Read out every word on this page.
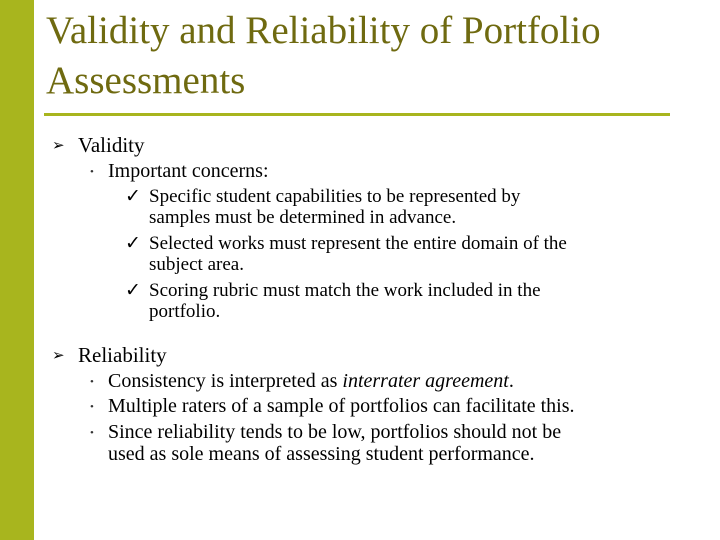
Validity and Reliability of Portfolio
Assessments
➢ Validity
• Important concerns:
✓ Specific student capabilities to be represented by
samples must be determined in advance.
✓ Selected works must represent the entire domain of the
subject area.
✓ Scoring rubric must match the work included in the
portfolio.
➢ Reliability
• Consistency is interpreted as interrater agreement.
• Multiple raters of a sample of portfolios can facilitate this.
• Since reliability tends to be low, portfolios should not be
used as sole means of assessing student performance.
